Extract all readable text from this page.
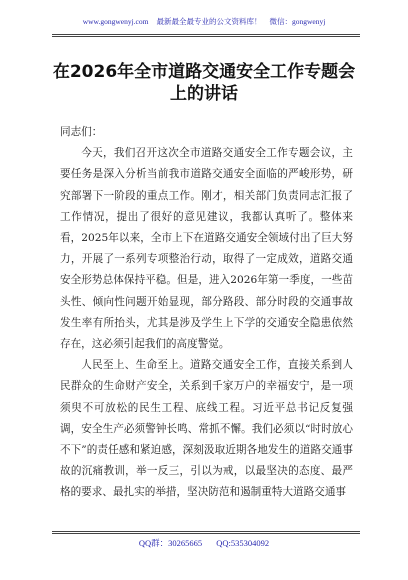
www.gongwenyj.com 最新最全最专业的公文资料库！ 微信：gongwenyj
在2026年全市道路交通安全工作专题会
上的讲话

同志们：

今天，我们召开这次全市道路交通安全工作专题会议，主要任务是深入分析当前我市道路交通安全面临的严峻形势，研究部署下一阶段的重点工作。刚才，相关部门负责同志汇报了工作情况，提出了很好的意见建议，我都认真听了。整体来看，2025年以来，全市上下在道路交通安全领域付出了巨大努力，开展了一系列专项整治行动，取得了一定成效，道路交通安全形势总体保持平稳。但是，进入2026年第一季度，一些苗头性、倾向性问题开始显现，部分路段、部分时段的交通事故发生率有所抬头，尤其是涉及学生上下学的交通安全隐患依然存在，这必须引起我们的高度警觉。

人民至上、生命至上。道路交通安全工作，直接关系到人民群众的生命财产安全，关系到千家万户的幸福安宁，是一项须臾不可放松的民生工程、底线工程。习近平总书记反复强调，安全生产必须警钟长鸣、常抓不懈。我们必须以“时时放心不下”的责任感和紧迫感，深刻汲取近期各地发生的道路交通事故的沉痛教训，举一反三，引以为戒，以最坚决的态度、最严格的要求、最扎实的举措，坚决防范和遏制重特大道路交通事

QQ群：30265665 QQ:535304092
